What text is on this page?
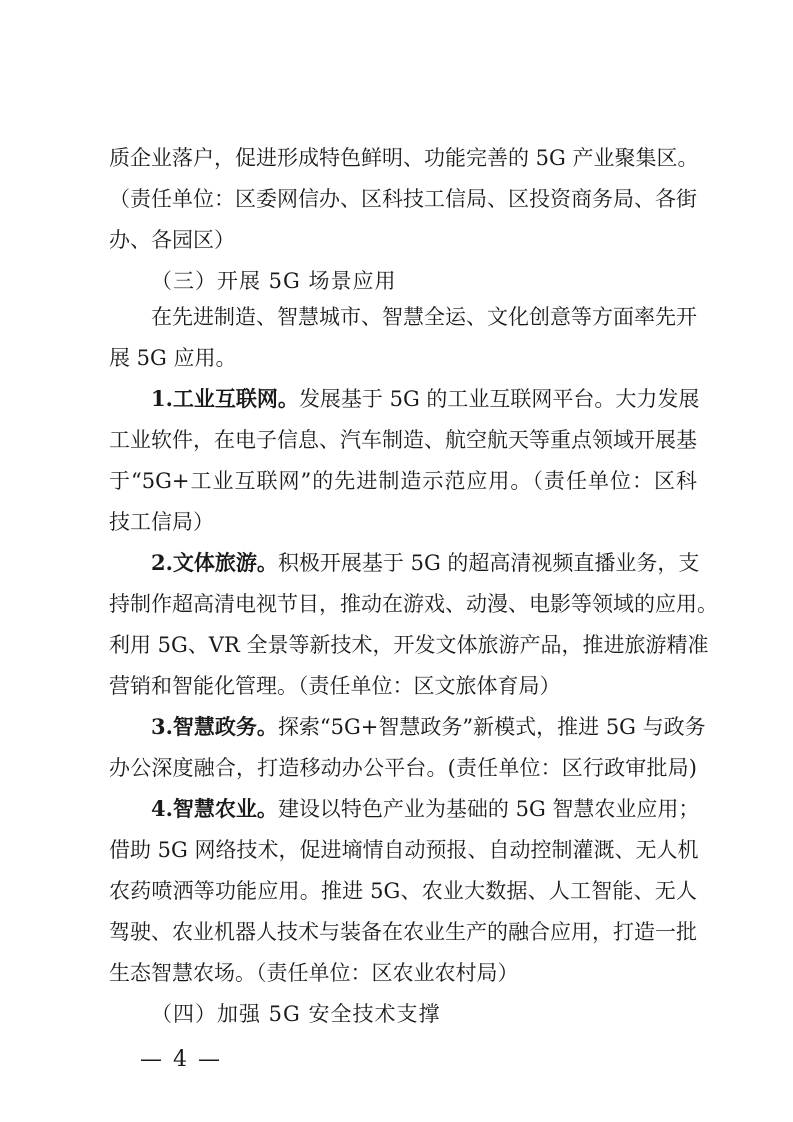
质企业落户，促进形成特色鲜明、功能完善的 5G 产业聚集区。

（责任单位：区委网信办、区科技工信局、区投资商务局、各街

办、各园区）

（三）开展 5G 场景应用

在先进制造、智慧城市、智慧全运、文化创意等方面率先开

展 5G 应用。

1.工业互联网。发展基于 5G 的工业互联网平台。大力发展

工业软件，在电子信息、汽车制造、航空航天等重点领域开展基

于“5G+工业互联网”的先进制造示范应用。（责任单位：区科

技工信局）

2.文体旅游。积极开展基于 5G 的超高清视频直播业务，支

持制作超高清电视节目，推动在游戏、动漫、电影等领域的应用。

利用 5G、VR 全景等新技术，开发文体旅游产品，推进旅游精准

营销和智能化管理。（责任单位：区文旅体育局）

3.智慧政务。探索“5G+智慧政务”新模式，推进 5G 与政务

办公深度融合，打造移动办公平台。(责任单位：区行政审批局)

4.智慧农业。建设以特色产业为基础的 5G 智慧农业应用；

借助 5G 网络技术，促进墒情自动预报、自动控制灌溉、无人机

农药喷洒等功能应用。推进 5G、农业大数据、人工智能、无人

驾驶、农业机器人技术与装备在农业生产的融合应用，打造一批

生态智慧农场。（责任单位：区农业农村局）

（四）加强 5G 安全技术支撑

— 4 —
